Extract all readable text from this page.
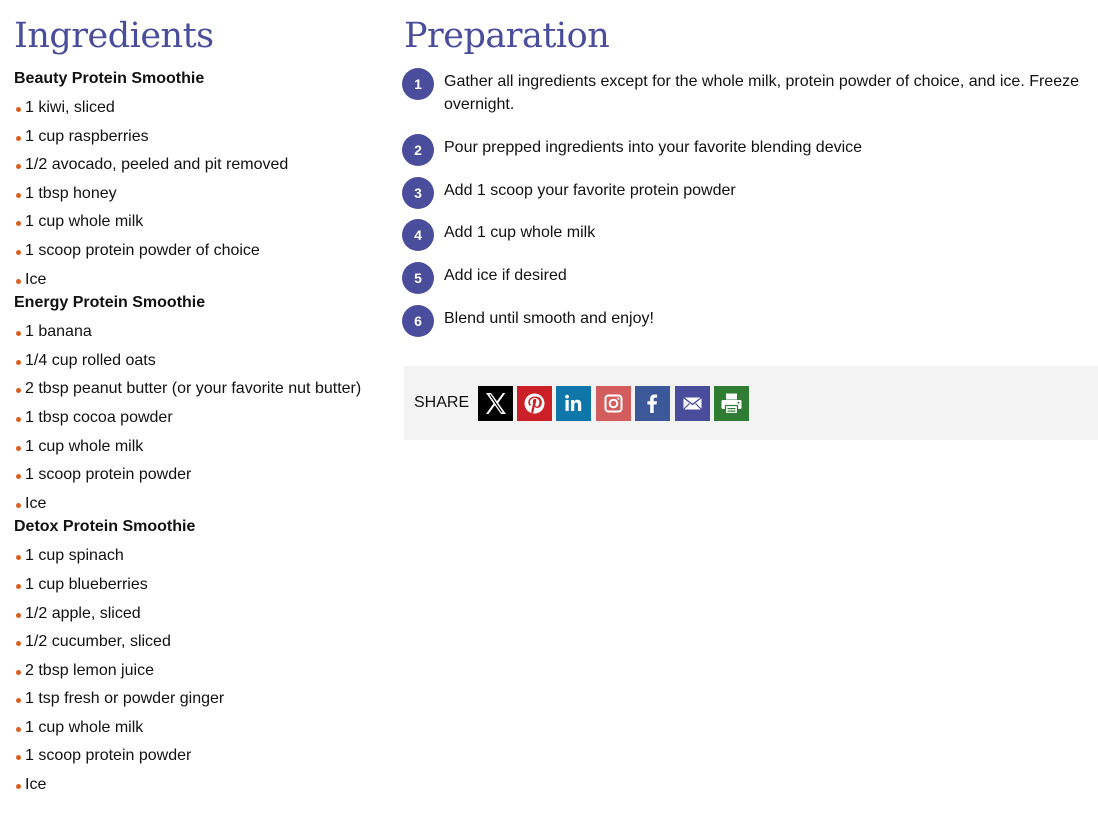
Ingredients
Beauty Protein Smoothie
1 kiwi, sliced
1 cup raspberries
1/2 avocado, peeled and pit removed
1 tbsp honey
1 cup whole milk
1 scoop protein powder of choice
Ice
Energy Protein Smoothie
1 banana
1/4 cup rolled oats
2 tbsp peanut butter (or your favorite nut butter)
1 tbsp cocoa powder
1 cup whole milk
1 scoop protein powder
Ice
Detox Protein Smoothie
1 cup spinach
1 cup blueberries
1/2 apple, sliced
1/2 cucumber, sliced
2 tbsp lemon juice
1 tsp fresh or powder ginger
1 cup whole milk
1 scoop protein powder
Ice
Preparation
1	Gather all ingredients except for the whole milk, protein powder of choice, and ice. Freeze overnight.
2	Pour prepped ingredients into your favorite blending device
3	Add 1 scoop your favorite protein powder
4	Add 1 cup whole milk
5	Add ice if desired
6	Blend until smooth and enjoy!
SHARE
